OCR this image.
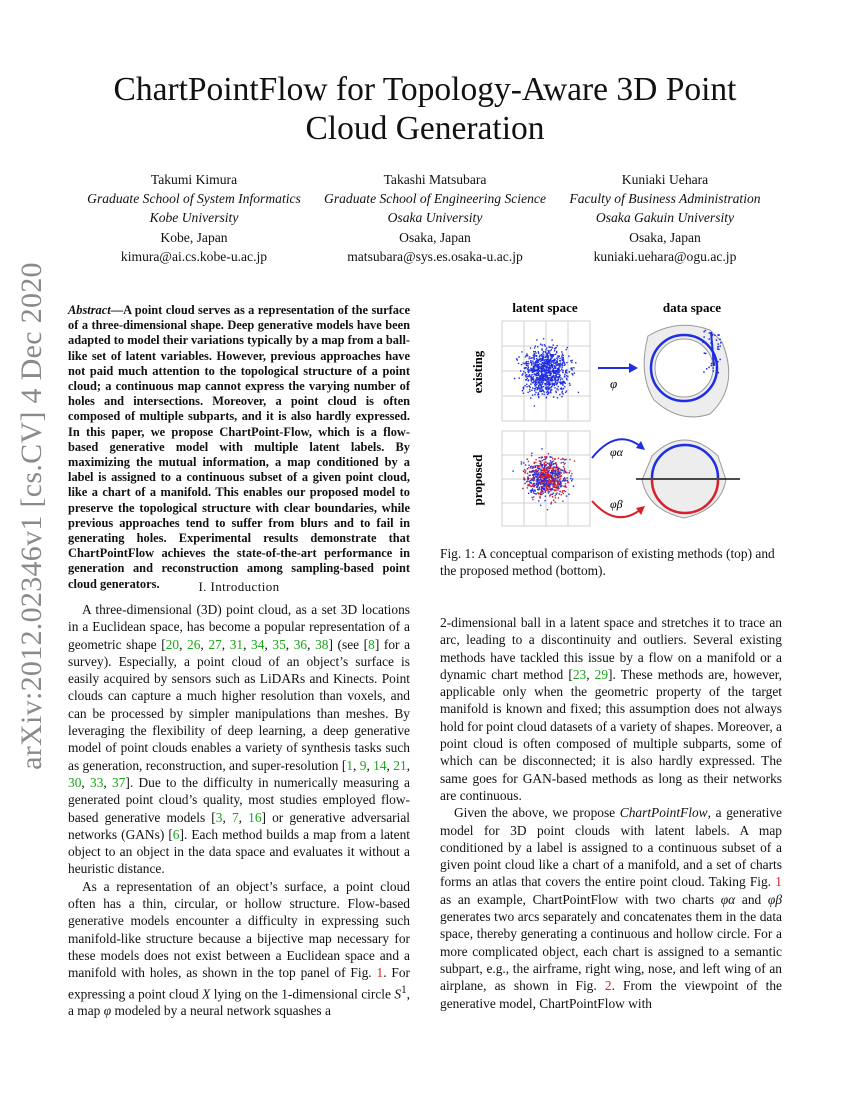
arXiv:2012.02346v1 [cs.CV] 4 Dec 2020
ChartPointFlow for Topology-Aware 3D Point Cloud Generation
Takumi Kimura
Graduate School of System Informatics
Kobe University
Kobe, Japan
kimura@ai.cs.kobe-u.ac.jp
Takashi Matsubara
Graduate School of Engineering Science
Osaka University
Osaka, Japan
matsubara@sys.es.osaka-u.ac.jp
Kuniaki Uehara
Faculty of Business Administration
Osaka Gakuin University
Osaka, Japan
kuniaki.uehara@ogu.ac.jp
Abstract—A point cloud serves as a representation of the surface of a three-dimensional shape. Deep generative models have been adapted to model their variations typically by a map from a ball-like set of latent variables. However, previous approaches have not paid much attention to the topological structure of a point cloud; a continuous map cannot express the varying number of holes and intersections. Moreover, a point cloud is often composed of multiple subparts, and it is also hardly expressed. In this paper, we propose ChartPoint-Flow, which is a flow-based generative model with multiple latent labels. By maximizing the mutual information, a map conditioned by a label is assigned to a continuous subset of a given point cloud, like a chart of a manifold. This enables our proposed model to preserve the topological structure with clear boundaries, while previous approaches tend to suffer from blurs and to fail in generating holes. Experimental results demonstrate that ChartPointFlow achieves the state-of-the-art performance in generation and reconstruction among sampling-based point cloud generators.	I. Introduction

A three-dimensional (3D) point cloud, as a set 3D locations in a Euclidean space, has become a popular representation of a geometric shape [20, 26, 27, 31, 34, 35, 36, 38] (see [8] for a survey). Especially, a point cloud of an object’s surface is easily acquired by sensors such as LiDARs and Kinects. Point clouds can capture a much higher resolution than voxels, and can be processed by simpler manipulations than meshes. By leveraging the flexibility of deep learning, a deep generative model of point clouds enables a variety of synthesis tasks such as generation, reconstruction, and super-resolution [1, 9, 14, 21, 30, 33, 37]. Due to the difficulty in numerically measuring a generated point cloud’s quality, most studies employed flow-based generative models [3, 7, 16] or generative adversarial networks (GANs) [6]. Each method builds a map from a latent object to an object in the data space and evaluates it without a heuristic distance.

As a representation of an object’s surface, a point cloud often has a thin, circular, or hollow structure. Flow-based generative models encounter a difficulty in expressing such manifold-like structure because a bijective map necessary for these models does not exist between a Euclidean space and a manifold with holes, as shown in the top panel of Fig. 1. For expressing a point cloud X lying on the 1-dimensional circle $S^1$, a map φ modeled by a neural network squashes a

latent space	data space
existing
proposed
φ
φα
φβ
Fig. 1: A conceptual comparison of existing methods (top) and the proposed method (bottom).

2-dimensional ball in a latent space and stretches it to trace an arc, leading to a discontinuity and outliers. Several existing methods have tackled this issue by a flow on a manifold or a dynamic chart method [23, 29]. These methods are, however, applicable only when the geometric property of the target manifold is known and fixed; this assumption does not always hold for point cloud datasets of a variety of shapes. Moreover, a point cloud is often composed of multiple subparts, some of which can be disconnected; it is also hardly expressed. The same goes for GAN-based methods as long as their networks are continuous.

Given the above, we propose ChartPointFlow, a generative model for 3D point clouds with latent labels. A map conditioned by a label is assigned to a continuous subset of a given point cloud like a chart of a manifold, and a set of charts forms an atlas that covers the entire point cloud. Taking Fig. 1 as an example, ChartPointFlow with two charts φα and φβ generates two arcs separately and concatenates them in the data space, thereby generating a continuous and hollow circle. For a more complicated object, each chart is assigned to a semantic subpart, e.g., the airframe, right wing, nose, and left wing of an airplane, as shown in Fig. 2. From the viewpoint of the generative model, ChartPointFlow with
